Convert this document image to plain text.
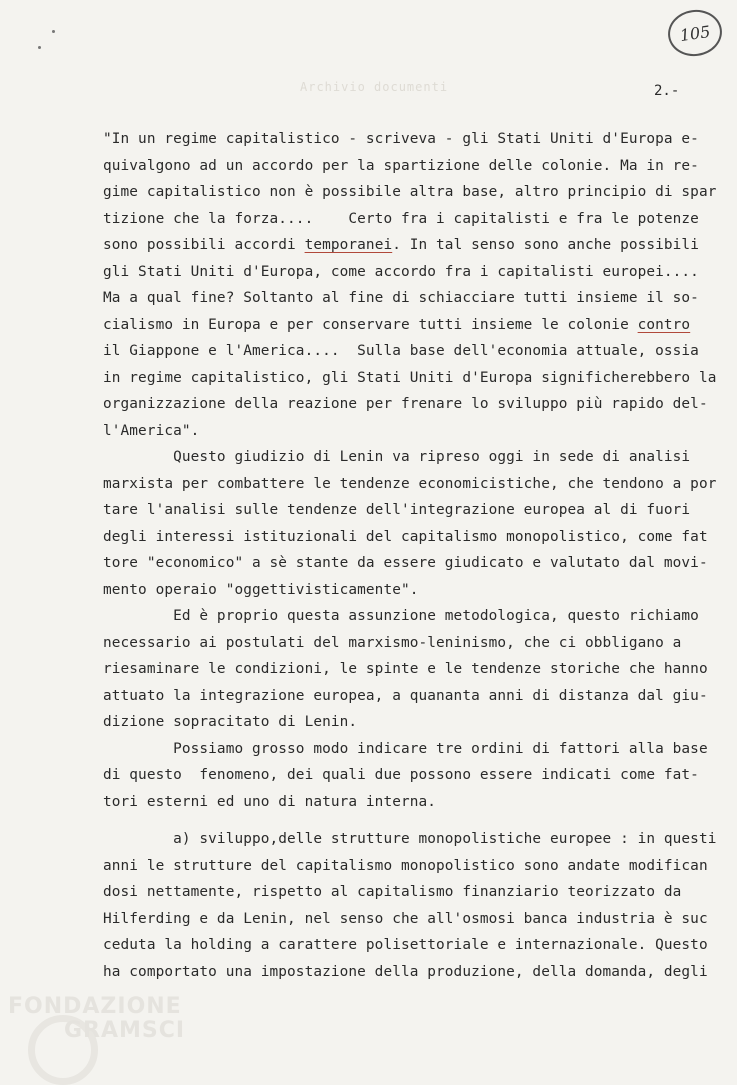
105
Archivio documenti	2.-
"In un regime capitalistico - scriveva - gli Stati Uniti d'Europa e-
quivalgono ad un accordo per la spartizione delle colonie. Ma in re-
gime capitalistico non è possibile altra base, altro principio di spar
tizione che la forza....    Certo fra i capitalisti e fra le potenze
sono possibili accordi temporanei. In tal senso sono anche possibili
gli Stati Uniti d'Europa, come accordo fra i capitalisti europei....
Ma a qual fine? Soltanto al fine di schiacciare tutti insieme il so-
cialismo in Europa e per conservare tutti insieme le colonie contro
il Giappone e l'America....  Sulla base dell'economia attuale, ossia
in regime capitalistico, gli Stati Uniti d'Europa significherebbero la
organizzazione della reazione per frenare lo sviluppo più rapido del-
l'America".
Questo giudizio di Lenin va ripreso oggi in sede di analisi
marxista per combattere le tendenze economicistiche, che tendono a por
tare l'analisi sulle tendenze dell'integrazione europea al di fuori
degli interessi istituzionali del capitalismo monopolistico, come fat
tore "economico" a sè stante da essere giudicato e valutato dal movi-
mento operaio "oggettivisticamente".
Ed è proprio questa assunzione metodologica, questo richiamo
necessario ai postulati del marxismo-leninismo, che ci obbligano a
riesaminare le condizioni, le spinte e le tendenze storiche che hanno
attuato la integrazione europea, a quananta anni di distanza dal giu-
dizione sopracitato di Lenin.
Possiamo grosso modo indicare tre ordini di fattori alla base
di questo  fenomeno, dei quali due possono essere indicati come fat-
tori esterni ed uno di natura interna.
a) sviluppo,delle strutture monopolistiche europee : in questi
anni le strutture del capitalismo monopolistico sono andate modifican
dosi nettamente, rispetto al capitalismo finanziario teorizzato da
Hilferding e da Lenin, nel senso che all'osmosi banca industria è suc
ceduta la holding a carattere polisettoriale e internazionale. Questo
ha comportato una impostazione della produzione, della domanda, degli
FONDAZIONE
GRAMSCI
